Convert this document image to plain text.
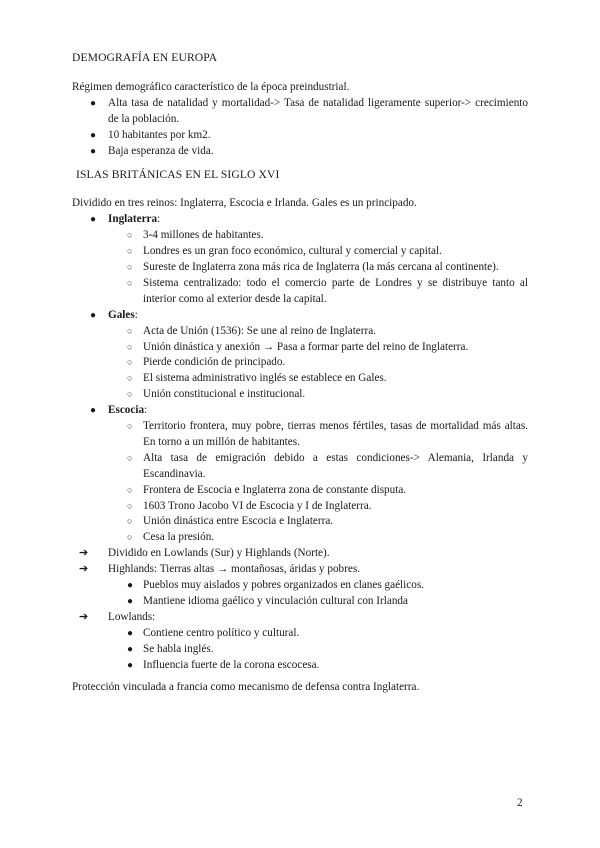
DEMOGRAFÍA EN EUROPA

Régimen demográfico característico de la época preindustrial.

● Alta tasa de natalidad y mortalidad-> Tasa de natalidad ligeramente superior-> crecimiento de la población.
● 10 habitantes por km2.
● Baja esperanza de vida.

ISLAS BRITÁNICAS EN EL SIGLO XVI

Dividido en tres reinos: Inglaterra, Escocia e Irlanda. Gales es un principado.

● Inglaterra:
○ 3-4 millones de habitantes.
○ Londres es un gran foco económico, cultural y comercial y capital.
○ Sureste de Inglaterra zona más rica de Inglaterra (la más cercana al continente).
○ Sistema centralizado: todo el comercio parte de Londres y se distribuye tanto al interior como al exterior desde la capital.
● Gales:
○ Acta de Unión (1536): Se une al reino de Inglaterra.
○ Unión dinástica y anexión → Pasa a formar parte del reino de Inglaterra.
○ Pierde condición de principado.
○ El sistema administrativo inglés se establece en Gales.
○ Unión constitucional e institucional.
● Escocia:
○ Territorio frontera, muy pobre, tierras menos fértiles, tasas de mortalidad más altas. En torno a un millón de habitantes.
○ Alta tasa de emigración debido a estas condiciones-> Alemania, Irlanda y Escandinavia.
○ Frontera de Escocia e Inglaterra zona de constante disputa.
○ 1603 Trono Jacobo VI de Escocia y I de Inglaterra.
○ Unión dinástica entre Escocia e Inglaterra.
○ Cesa la presión.
➔ Dividido en Lowlands (Sur) y Highlands (Norte).
➔ Highlands: Tierras altas → montañosas, áridas y pobres.
● Pueblos muy aislados y pobres organizados en clanes gaélicos.
● Mantiene idioma gaélico y vinculación cultural con Irlanda
➔ Lowlands:
● Contiene centro político y cultural.
● Se habla inglés.
● Influencia fuerte de la corona escocesa.

Protección vinculada a francia como mecanismo de defensa contra Inglaterra.

2
